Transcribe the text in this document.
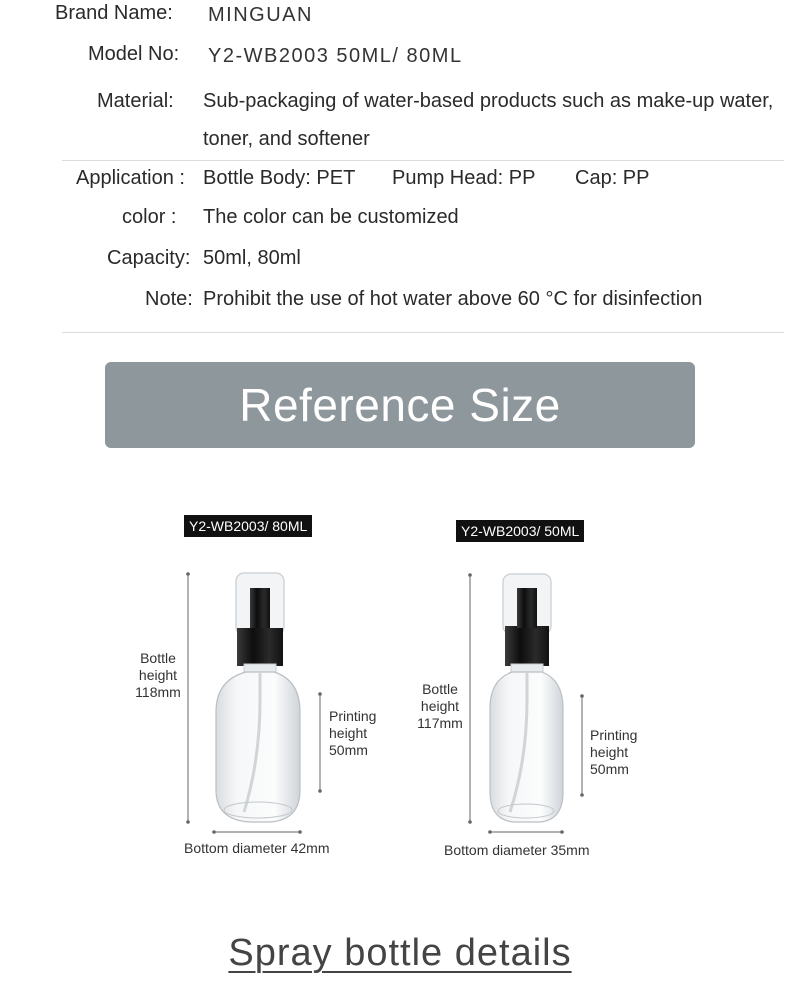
Brand Name: MINGUAN
Model No: Y2-WB2003 50ML/ 80ML
Material: Sub-packaging of water-based products such as make-up water,
toner, and softener
Application : Bottle Body: PET Pump Head: PP Cap: PP
color : The color can be customized
Capacity: 50ml, 80ml
Note: Prohibit the use of hot water above 60 °C for disinfection
Reference Size
Y2-WB2003/ 80ML	Y2-WB2003/ 50ML
Bottle
height
118mm
Printing
height
50mm
Bottom diameter 42mm
Bottle
height
117mm
Printing
height
50mm
Bottom diameter 35mm
Spray bottle details
